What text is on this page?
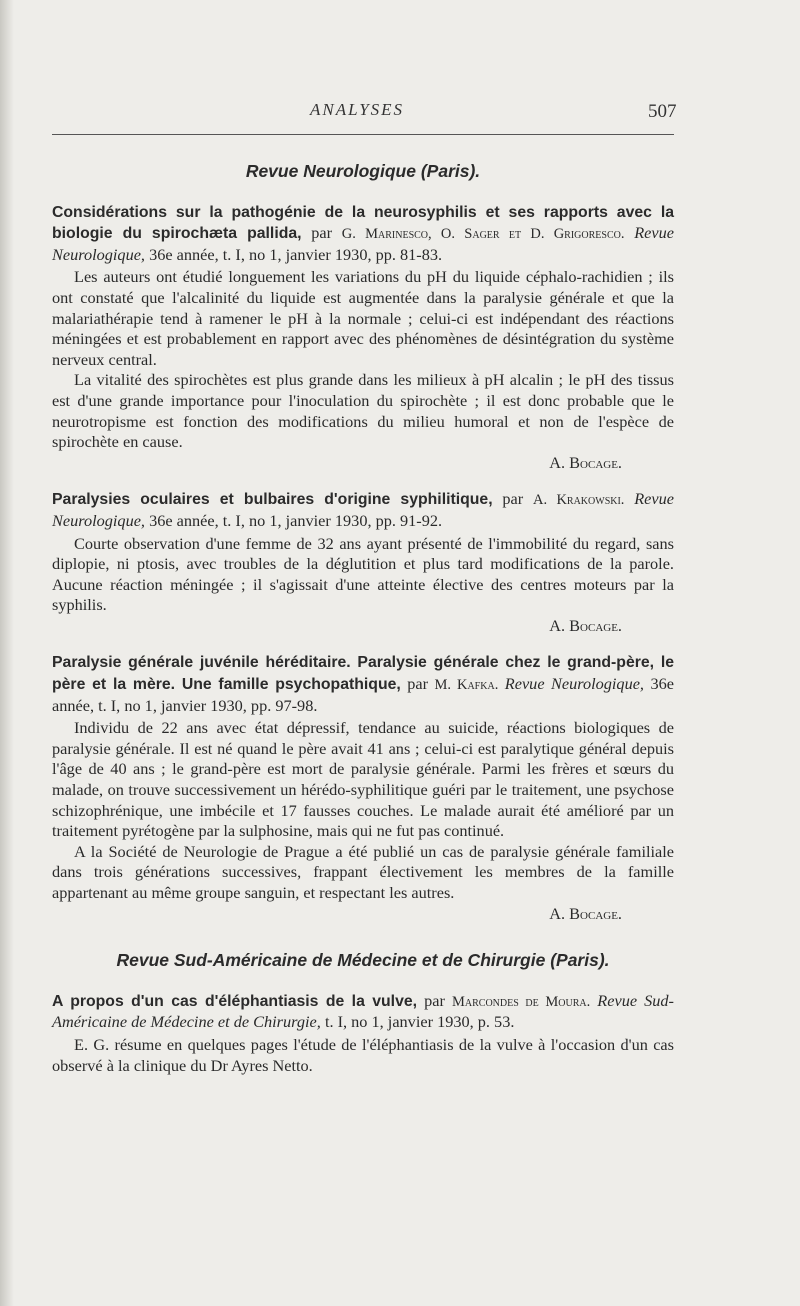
ANALYSES	507
Revue Neurologique (Paris).
Considérations sur la pathogénie de la neurosyphilis et ses rapports avec la biologie du spirochæta pallida, par G. Marinesco, O. Sager et D. Grigoresco. Revue Neurologique, 36e année, t. I, no 1, janvier 1930, pp. 81-83.

Les auteurs ont étudié longuement les variations du pH du liquide céphalo-rachidien ; ils ont constaté que l'alcalinité du liquide est augmentée dans la paralysie générale et que la malariathérapie tend à ramener le pH à la normale ; celui-ci est indépendant des réactions méningées et est probablement en rapport avec des phénomènes de désintégration du système nerveux central.

La vitalité des spirochètes est plus grande dans les milieux à pH alcalin ; le pH des tissus est d'une grande importance pour l'inoculation du spirochète ; il est donc probable que le neurotropisme est fonction des modifications du milieu humoral et non de l'espèce de spirochète en cause.

A. Bocage.

Paralysies oculaires et bulbaires d'origine syphilitique, par A. Krakowski. Revue Neurologique, 36e année, t. I, no 1, janvier 1930, pp. 91-92.

Courte observation d'une femme de 32 ans ayant présenté de l'immobilité du regard, sans diplopie, ni ptosis, avec troubles de la déglutition et plus tard modifications de la parole. Aucune réaction méningée ; il s'agissait d'une atteinte élective des centres moteurs par la syphilis.

A. Bocage.

Paralysie générale juvénile héréditaire. Paralysie générale chez le grand-père, le père et la mère. Une famille psychopathique, par M. Kafka. Revue Neurologique, 36e année, t. I, no 1, janvier 1930, pp. 97-98.

Individu de 22 ans avec état dépressif, tendance au suicide, réactions biologiques de paralysie générale. Il est né quand le père avait 41 ans ; celui-ci est paralytique général depuis l'âge de 40 ans ; le grand-père est mort de paralysie générale. Parmi les frères et sœurs du malade, on trouve successivement un hérédo-syphilitique guéri par le traitement, une psychose schizophrénique, une imbécile et 17 fausses couches. Le malade aurait été amélioré par un traitement pyrétogène par la sulphosine, mais qui ne fut pas continué.

A la Société de Neurologie de Prague a été publié un cas de paralysie générale familiale dans trois générations successives, frappant électivement les membres de la famille appartenant au même groupe sanguin, et respectant les autres.

A. Bocage.

Revue Sud-Américaine de Médecine et de Chirurgie (Paris).
A propos d'un cas d'éléphantiasis de la vulve, par Marcondes de Moura. Revue Sud-Américaine de Médecine et de Chirurgie, t. I, no 1, janvier 1930, p. 53.

E. G. résume en quelques pages l'étude de l'éléphantiasis de la vulve à l'occasion d'un cas observé à la clinique du Dr Ayres Netto.
